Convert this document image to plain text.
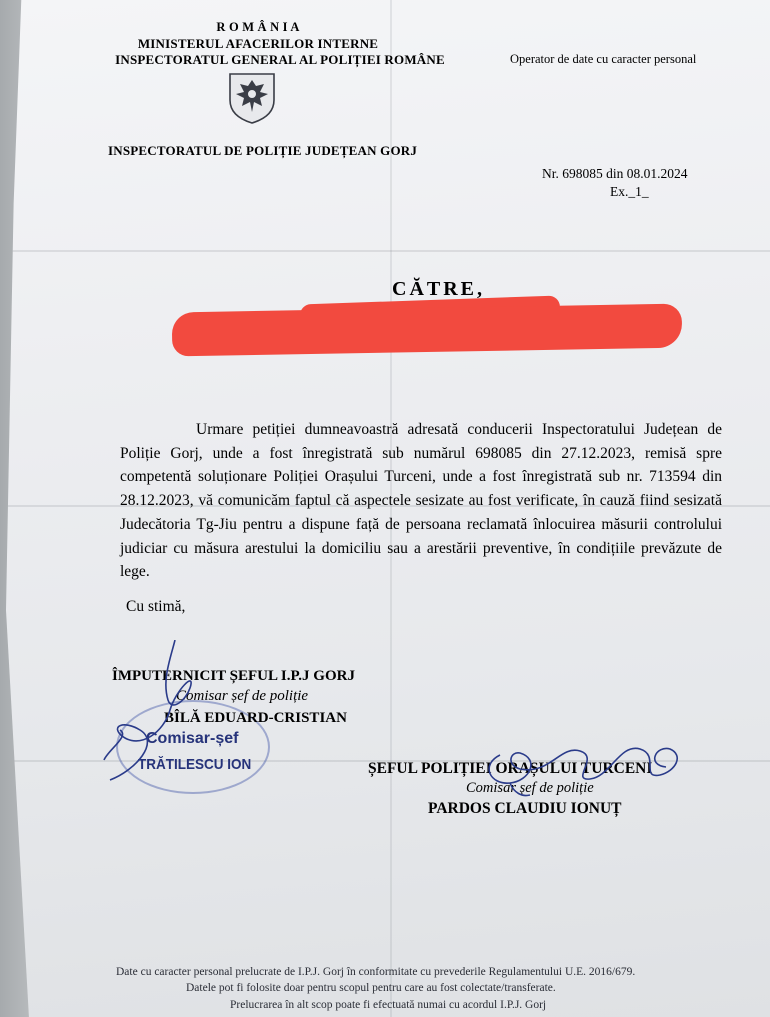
R O M Â N I A
MINISTERUL AFACERILOR INTERNE
INSPECTORATUL GENERAL AL POLIȚIEI ROMÂNE	Operator de date cu caracter personal
INSPECTORATUL DE POLIȚIE JUDEȚEAN GORJ
Nr. 698085 din 08.01.2024
Ex._1_
CĂTRE,

Urmare petiției dumneavoastră adresată conducerii Inspectoratului Județean de Poliție Gorj, unde a fost înregistrată sub numărul 698085 din 27.12.2023, remisă spre competentă soluționare Poliției Orașului Turceni, unde a fost înregistrată sub nr. 713594 din 28.12.2023, vă comunicăm faptul că aspectele sesizate au fost verificate, în cauză fiind sesizată Judecătoria Tg-Jiu pentru a dispune față de persoana reclamată înlocuirea măsurii controlului judiciar cu măsura arestului la domiciliu sau a arestării preventive, în condițiile prevăzute de lege.

Cu stimă,
ÎMPUTERNICIT ȘEFUL I.P.J GORJ
Comisar șef de poliție
BÎLĂ EDUARD-CRISTIAN
Comisar-șef
TRĂTILESCU ION	ȘEFUL POLIȚIEI ORAȘULUI TURCENI
Comisar șef de poliție
PARDOS CLAUDIU IONUȚ
Date cu caracter personal prelucrate de I.P.J. Gorj în conformitate cu prevederile Regulamentului U.E. 2016/679.
Datele pot fi folosite doar pentru scopul pentru care au fost colectate/transferate.
Prelucrarea în alt scop poate fi efectuată numai cu acordul I.P.J. Gorj
